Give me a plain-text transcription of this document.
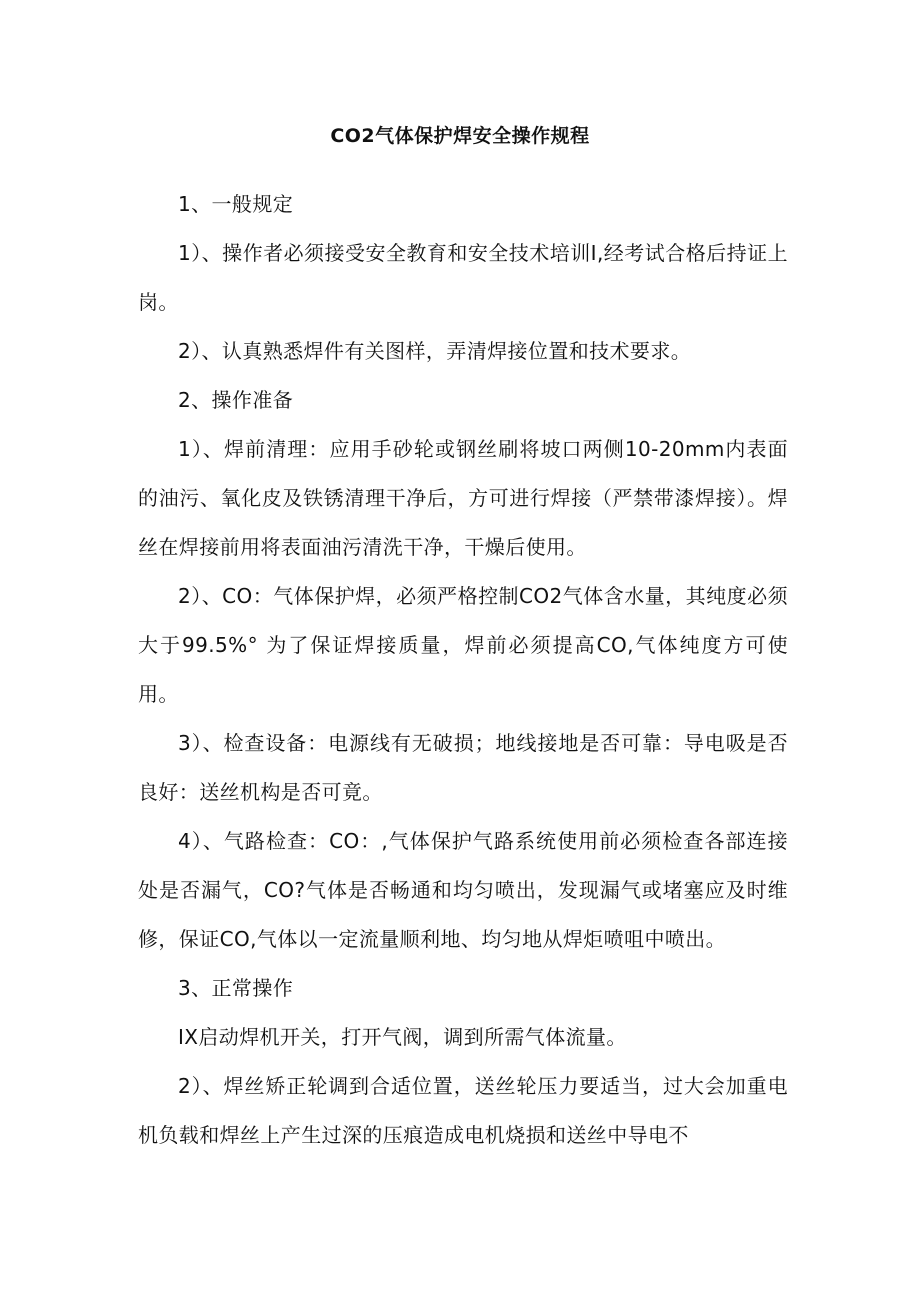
CO2气体保护焊安全操作规程

1、一般规定

1）、操作者必须接受安全教育和安全技术培训I,经考试合格后持证上岗。

2）、认真熟悉焊件有关图样，弄清焊接位置和技术要求。

2、操作准备

1）、焊前清理：应用手砂轮或钢丝刷将坡口两侧10-20mm内表面的油污、氧化皮及铁锈清理干净后，方可进行焊接（严禁带漆焊接）。焊丝在焊接前用将表面油污清洗干净，干燥后使用。

2）、CO：气体保护焊，必须严格控制CO2气体含水量，其纯度必须大于99.5%° 为了保证焊接质量，焊前必须提高CO,气体纯度方可使用。

3）、检查设备：电源线有无破损；地线接地是否可靠：导电吸是否良好：送丝机构是否可竟。

4）、气路检查：CO：,气体保护气路系统使用前必须检查各部连接处是否漏气，CO?气体是否畅通和均匀喷出，发现漏气或堵塞应及时维修，保证CO,气体以一定流量顺利地、均匀地从焊炬喷咀中喷出。

3、正常操作

IX启动焊机开关，打开气阀，调到所需气体流量。

2）、焊丝矫正轮调到合适位置，送丝轮压力要适当，过大会加重电机负载和焊丝上产生过深的压痕造成电机烧损和送丝中导电不
